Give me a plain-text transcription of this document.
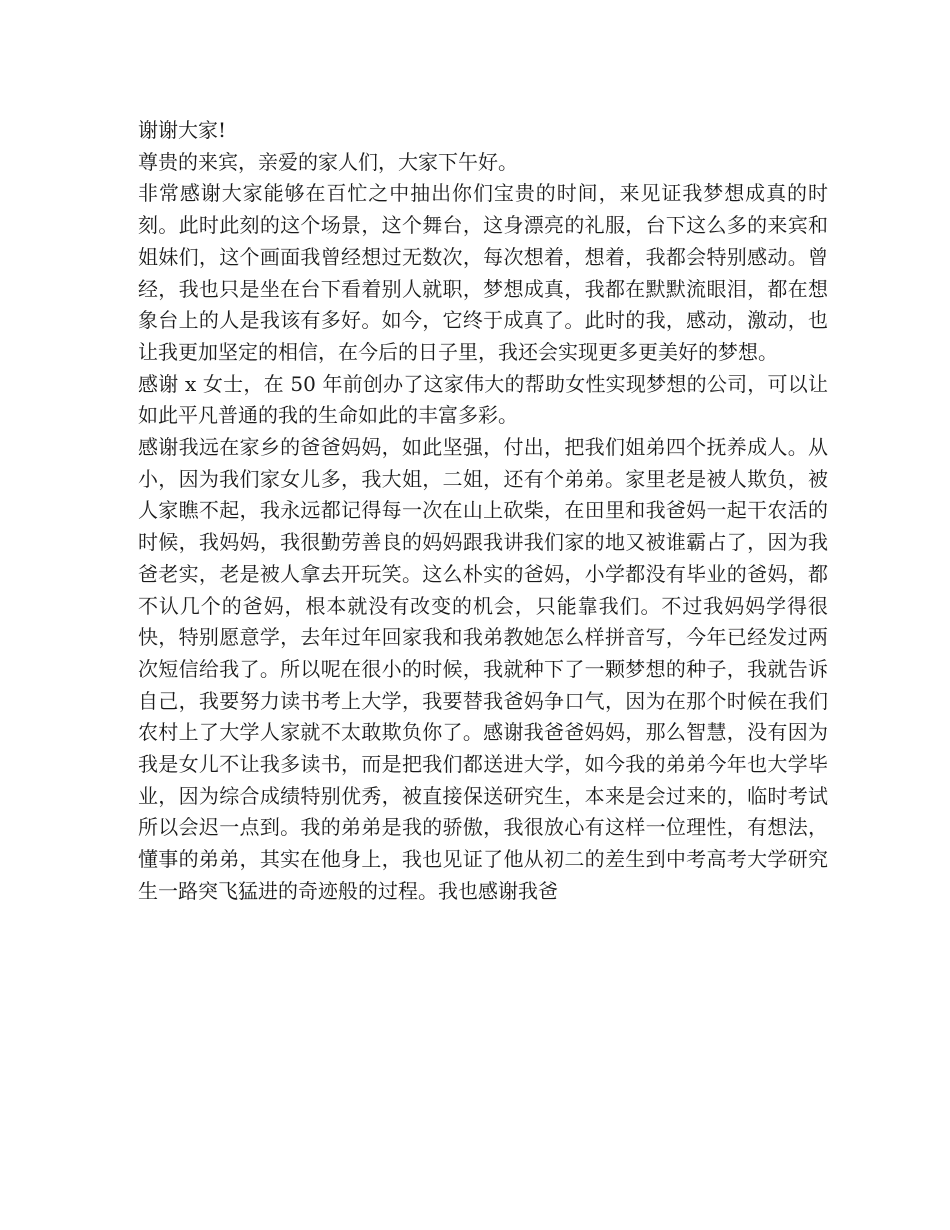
谢谢大家!

尊贵的来宾，亲爱的家人们，大家下午好。

非常感谢大家能够在百忙之中抽出你们宝贵的时间，来见证我梦想成真的时刻。此时此刻的这个场景，这个舞台，这身漂亮的礼服，台下这么多的来宾和姐妹们，这个画面我曾经想过无数次，每次想着，想着，我都会特别感动。曾经，我也只是坐在台下看着别人就职，梦想成真，我都在默默流眼泪，都在想象台上的人是我该有多好。如今，它终于成真了。此时的我，感动，激动，也让我更加坚定的相信，在今后的日子里，我还会实现更多更美好的梦想。

感谢 x 女士，在 50 年前创办了这家伟大的帮助女性实现梦想的公司，可以让如此平凡普通的我的生命如此的丰富多彩。

感谢我远在家乡的爸爸妈妈，如此坚强，付出，把我们姐弟四个抚养成人。从小，因为我们家女儿多，我大姐，二姐，还有个弟弟。家里老是被人欺负，被人家瞧不起，我永远都记得每一次在山上砍柴，在田里和我爸妈一起干农活的时候，我妈妈，我很勤劳善良的妈妈跟我讲我们家的地又被谁霸占了，因为我爸老实，老是被人拿去开玩笑。这么朴实的爸妈，小学都没有毕业的爸妈，都不认几个的爸妈，根本就没有改变的机会，只能靠我们。不过我妈妈学得很快，特别愿意学，去年过年回家我和我弟教她怎么样拼音写，今年已经发过两次短信给我了。所以呢在很小的时候，我就种下了一颗梦想的种子，我就告诉自己，我要努力读书考上大学，我要替我爸妈争口气，因为在那个时候在我们农村上了大学人家就不太敢欺负你了。感谢我爸爸妈妈，那么智慧，没有因为我是女儿不让我多读书，而是把我们都送进大学，如今我的弟弟今年也大学毕业，因为综合成绩特别优秀，被直接保送研究生，本来是会过来的，临时考试所以会迟一点到。我的弟弟是我的骄傲，我很放心有这样一位理性，有想法，懂事的弟弟，其实在他身上，我也见证了他从初二的差生到中考高考大学研究生一路突飞猛进的奇迹般的过程。我也感谢我爸
